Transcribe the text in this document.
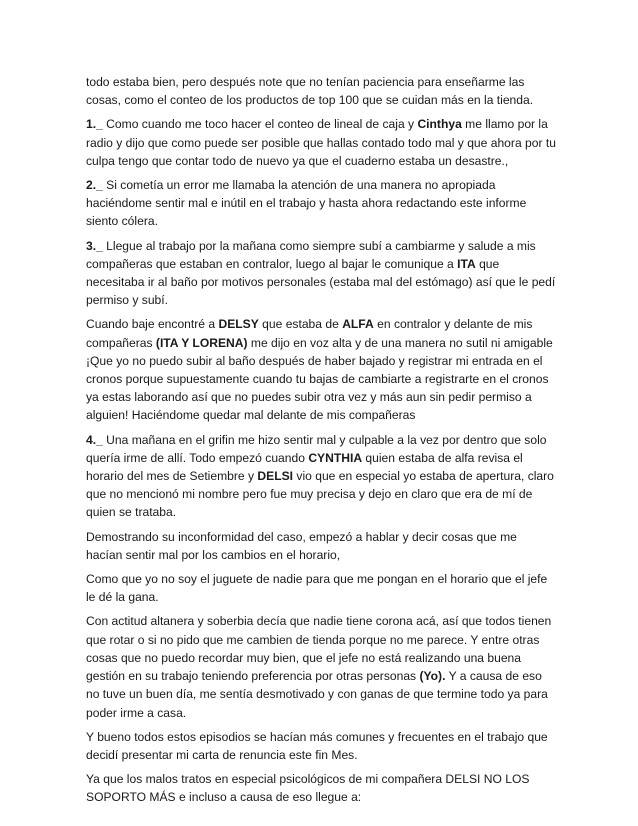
todo estaba bien, pero después note que no tenían paciencia para enseñarme las cosas, como el conteo de los productos de top 100 que se cuidan más en la tienda.

1._ Como cuando me toco hacer el conteo de lineal de caja y Cinthya me llamo por la radio y dijo que como puede ser posible que hallas contado todo mal y que ahora por tu culpa tengo que contar todo de nuevo ya que el cuaderno estaba un desastre.,

2._ Si cometía un error me llamaba la atención de una manera no apropiada haciéndome sentir mal e inútil en el trabajo y hasta ahora redactando este informe siento cólera.

3._ Llegue al trabajo por la mañana como siempre subí a cambiarme y salude a mis compañeras que estaban en contralor, luego al bajar le comunique a ITA que necesitaba ir al baño por motivos personales (estaba mal del estómago) así que le pedí permiso y subí.

Cuando baje encontré a DELSY que estaba de ALFA en contralor y delante de mis compañeras (ITA Y LORENA) me dijo en voz alta y de una manera no sutil ni amigable ¡Que yo no puedo subir al baño después de haber bajado y registrar mi entrada en el cronos porque supuestamente cuando tu bajas de cambiarte a registrarte en el cronos ya estas laborando así que no puedes subir otra vez y más aun sin pedir permiso a alguien! Haciéndome quedar mal delante de mis compañeras

4._ Una mañana en el grifin me hizo sentir mal y culpable a la vez por dentro que solo quería irme de allí. Todo empezó cuando CYNTHIA quien estaba de alfa revisa el horario del mes de Setiembre y DELSI vio que en especial yo estaba de apertura, claro que no mencionó mi nombre pero fue muy precisa y dejo en claro que era de mí de quien se trataba.

Demostrando su inconformidad del caso, empezó a hablar y decir cosas que me hacían sentir mal por los cambios en el horario,

Como que yo no soy el juguete de nadie para que me pongan en el horario que el jefe le dé la gana.

Con actitud altanera y soberbia decía que nadie tiene corona acá, así que todos tienen que rotar o si no pido que me cambien de tienda porque no me parece. Y entre otras cosas que no puedo recordar muy bien, que el jefe no está realizando una buena gestión en su trabajo teniendo preferencia por otras personas (Yo). Y a causa de eso no tuve un buen día, me sentía desmotivado y con ganas de que termine todo ya para poder irme a casa.

Y bueno todos estos episodios se hacían más comunes y frecuentes en el trabajo que decidí presentar mi carta de renuncia este fin Mes.

Ya que los malos tratos en especial psicológicos de mi compañera DELSI NO LOS SOPORTO MÁS e incluso a causa de eso llegue a:
